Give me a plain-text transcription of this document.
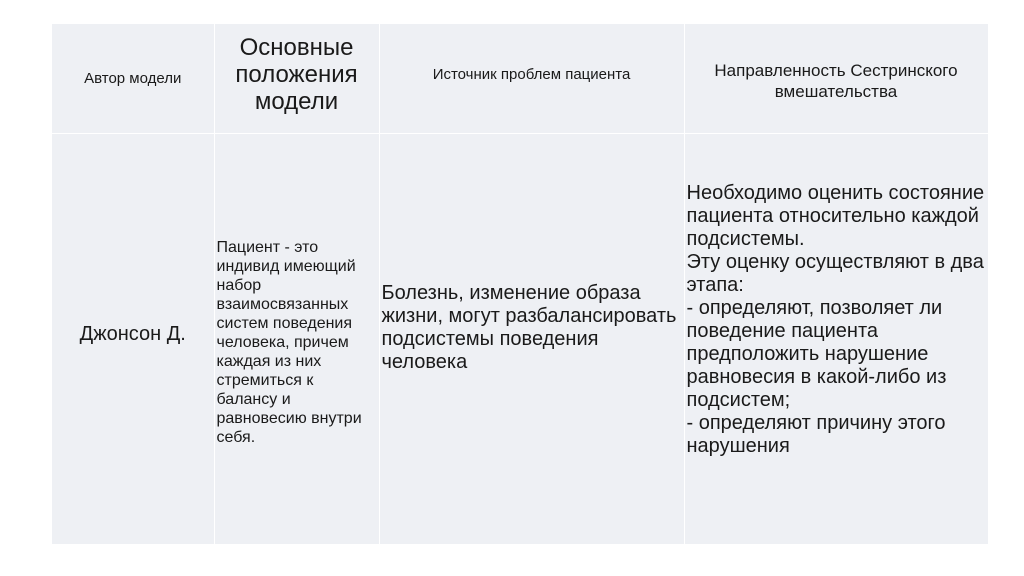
Автор модели	Основные положения модели	Источник проблем пациента	Направленность Сестринского вмешательства
Джонсон Д.	Пациент - это индивид имеющий набор взаимосвязанных систем поведения человека, причем каждая из них стремиться к балансу и равновесию внутри себя.	Болезнь, изменение образа жизни, могут разбалансировать подсистемы поведения человека	Необходимо оценить состояние пациента относительно каждой подсистемы.
Эту оценку осуществляют в два этапа:
- определяют, позволяет ли поведение пациента предположить нарушение равновесия в какой-либо из подсистем;
- определяют причину этого нарушения
